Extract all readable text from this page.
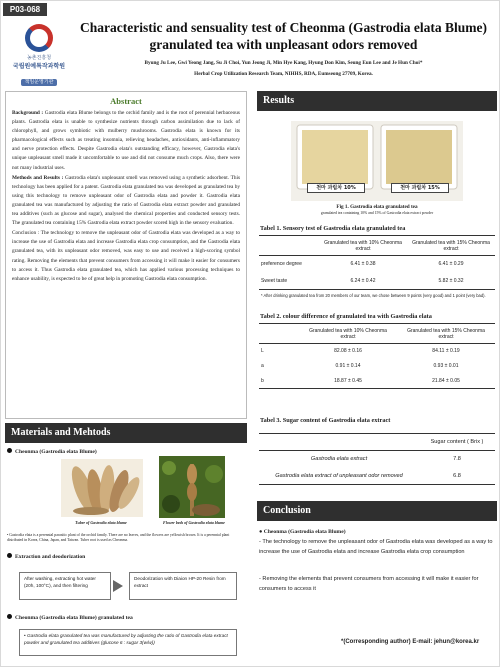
P03-068
농촌진흥청
국립원예특작과학원
책임운영기관
Characteristic and sensuality test of Cheonma (Gastrodia elata Blume)
granulated tea with unpleasant odors removed
Byung Ju Lee, Gwi Yeong Jang, Su Ji Choi, Yun Jeong Ji, Min Hye Kang, Hyung Don Kim, Seung Eun Lee and Je Hun Choi*
Herbal Crop Utilization Research Team, NIHHS, RDA, Eumseong 27709, Korea.
Abstract

Background : Gastrodia elata Blume belongs to the orchid family and is the root of perennial herbaceous plants. Gastrodia elata is unable to synthesize nutrients through carbon assimilation due to lack of chlorophyll, and grows symbiotic with mulberry mushrooms. Gastrodia elata is known for its pharmacological effects such as treating insomnia, relieving headaches, antioxidants, anti-inflammatory and nerve protection effects. Despite Gastrodia elata's outstanding efficacy, however, Gastrodia elata's unique unpleasant smell made it uncomfortable to use and did not consume much crops. Also, there were not many industrial uses.

Methods and Results : Gastrodia elata's unpleasant smell was removed using a synthetic adsorbent. This technology has been applied for a patent. Gastrodia elata granulated tea was developed as granulated tea by using this technology to remove unpleasant odor of Gastrodia elata and powder it. Gastrodia elata granulated tea was manufactured by adjusting the ratio of Gastrodia elata extract powder and granulated tea additives (such as glucose and sugar), analysed the chemical properties and conducted sensory tests. The granulated tea containing 15% Gastrodia elata extract powder scored high in the sensory evaluation.

Conclusion : The technology to remove the unpleasant odor of Gastrodia elata was developed as a way to increase the use of Gastrodia elata and increase Gastrodia elata crop consumption, and the Gastrodia elata granulated tea, with its unpleasant odor removed, was easy to use and received a high-scoring symbol rating. Removing the elements that prevent consumers from accessing it will make it easier for consumers to access it. Thus Gastrodia elata granulated tea, which has applied various processing techniques to enhance usability, is expected to be of great help in promoting Gastrodia elata consumption.

Materials and Mehtods
Cheonma (Gastrodia elata Blume)
Tuber of Gastrodia elata blume	Flower beds of Gastrodia elata blume
• Gastrodia elata is a perennial parasitic plant of the orchid family. There are no leaves, and the flowers are yellowish brown. It is a perennial plant distributed in Korea, China, Japan, and Taiwan. Tuber root is used as Cheonma.
Extraction and deodorization
After washing, extracting hot water (20h, 100°C), and then filtering
Deodorization with Diaion HP-20 Resin from extract
Cheonma (Gastrodia elata Blume) granulated tea
• Gastrodia elata granulated tea was manufactured by adjusting the ratio of Gastrodia elata extract powder and granulated tea additives (glucose 6 : sugar 3(w/w))
Results
천마 과립차 10%	천마 과립차 15%
Fig 1. Gastrodia elata granulated tea
granulated tea containing 10% and 15% of Gastrodia elata extract powder
Tabel 1. Sensory test of Gastrodia elata granulated tea
	Granulated tea with 10% Cheonma extract	Granulated tea with 15% Cheonma extract
preference degree	6.41 ± 0.38	6.41 ± 0.29
Sweet taste	6.24 ± 0.42	5.82 ± 0.32
* After drinking granulated tea from 20 members of our team, we chose between 9 points (very good) and 1 point (very bad).
Tabel 2. colour difference of granulated tea with Gastrodia elata
	Granulated tea with 10% Cheonma extract	Granulated tea with 15% Cheonma extract
L	82.08 ± 0.16	84.11 ± 0.19
a	0.91 ± 0.14	0.93 ± 0.01
b	18.87 ± 0.45	21.84 ± 0.05
Tabel 3. Sugar content of Gastrodia elata extract
	Sugar content ( Brix )
Gastrodia elata extract	7.8
Gastrodia elata extract of unpleasant odor removed	6.8
Conclusion
● Cheonma (Gastrodia elata Blume)
- The technology to remove the unpleasant odor of Gastrodia elata was developed as a way to increase the use of Gastrodia elata and increase Gastrodia elata crop consumption
- Removing the elements that prevent consumers from accessing it will make it easier for consumers to access it
*(Corresponding author) E-mail: jehun@korea.kr
